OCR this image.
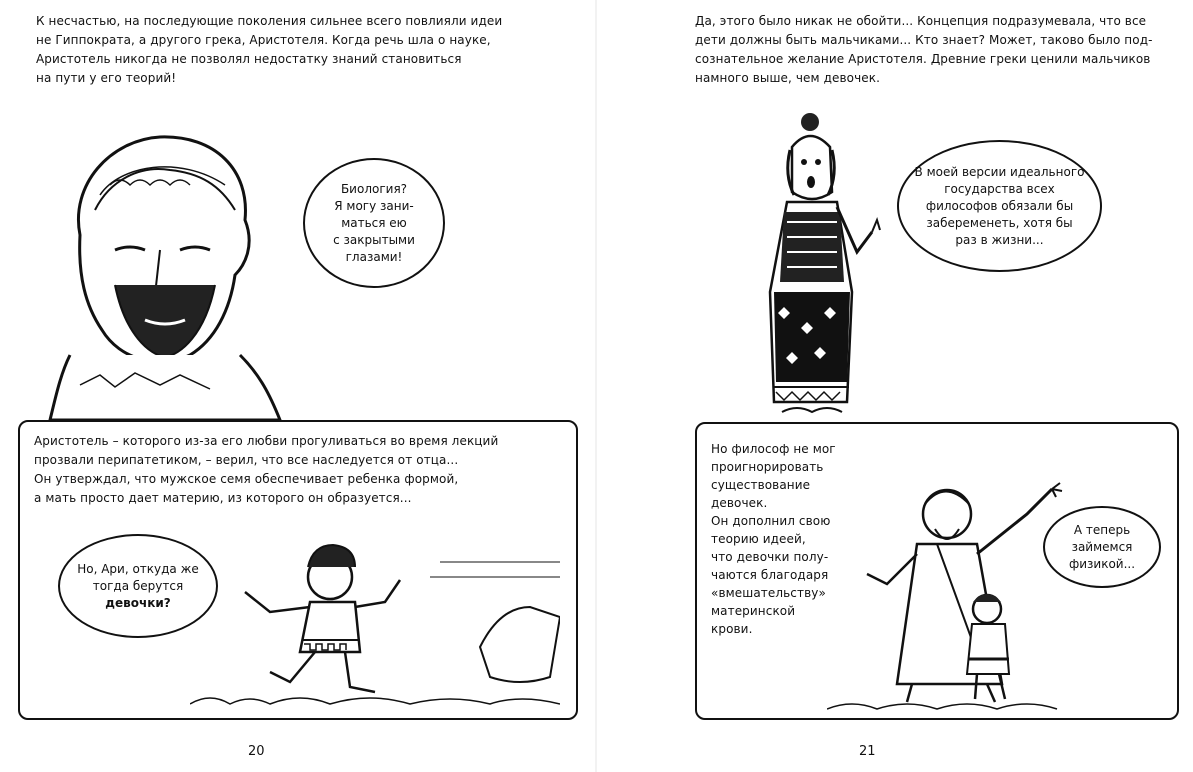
К несчастью, на последующие поколения сильнее всего повлияли идеи
не Гиппократа, а другого грека, Аристотеля. Когда речь шла о науке,
Аристотель никогда не позволял недостатку знаний становиться
на пути у его теорий!
Биология?
Я могу зани-
маться ею
с закрытыми
глазами!
Аристотель – которого из-за его любви прогуливаться во время лекций
прозвали перипатетиком, – верил, что все наследуется от отца...
Он утверждал, что мужское семя обеспечивает ребенка формой,
а мать просто дает материю, из которого он образуется...
Но, Ари, откуда же
тогда берутся
девочки?
20
Да, этого было никак не обойти... Концепция подразумевала, что все
дети должны быть мальчиками... Кто знает? Может, таково было под-
сознательное желание Аристотеля. Древние греки ценили мальчиков
намного выше, чем девочек.
В моей версии идеального
государства всех
философов обязали бы
забеременеть, хотя бы
раз в жизни...
Но философ не мог
проигнорировать
существование
девочек.
Он дополнил свою
теорию идеей,
что девочки полу-
чаются благодаря
«вмешательству»
материнской
крови.
А теперь
займемся
физикой...
21
